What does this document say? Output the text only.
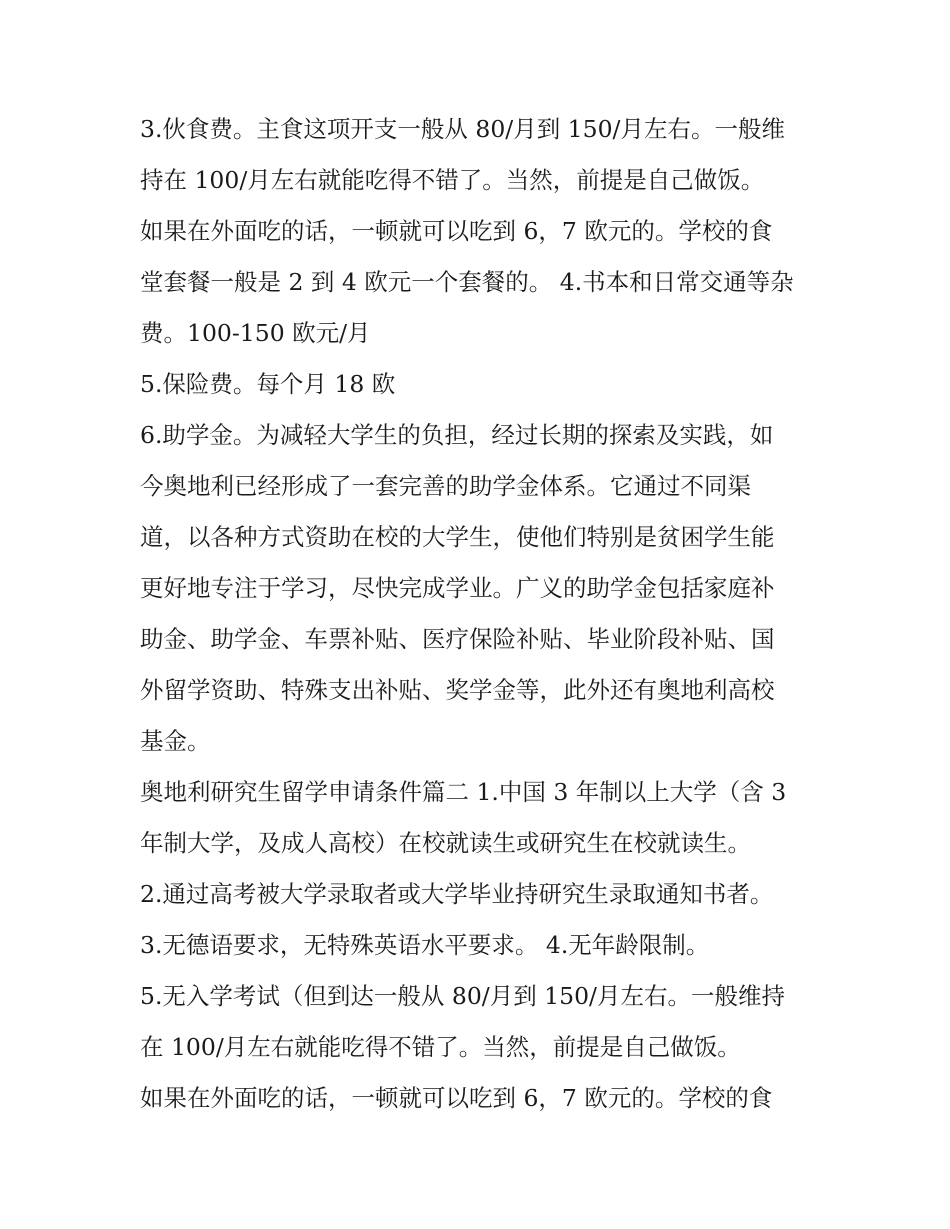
3.伙食费。主食这项开支一般从 80/月到 150/月左右。一般维
持在 100/月左右就能吃得不错了。当然，前提是自己做饭。
如果在外面吃的话，一顿就可以吃到 6，7 欧元的。学校的食
堂套餐一般是 2 到 4 欧元一个套餐的。 4.书本和日常交通等杂
费。100-150 欧元/月
5.保险费。每个月 18 欧
6.助学金。为减轻大学生的负担，经过长期的探索及实践，如
今奥地利已经形成了一套完善的助学金体系。它通过不同渠
道，以各种方式资助在校的大学生，使他们特别是贫困学生能
更好地专注于学习，尽快完成学业。广义的助学金包括家庭补
助金、助学金、车票补贴、医疗保险补贴、毕业阶段补贴、国
外留学资助、特殊支出补贴、奖学金等，此外还有奥地利高校
基金。
奥地利研究生留学申请条件篇二 1.中国 3 年制以上大学（含 3
年制大学，及成人高校）在校就读生或研究生在校就读生。
2.通过高考被大学录取者或大学毕业持研究生录取通知书者。
3.无德语要求，无特殊英语水平要求。 4.无年龄限制。
5.无入学考试（但到达一般从 80/月到 150/月左右。一般维持
在 100/月左右就能吃得不错了。当然，前提是自己做饭。
如果在外面吃的话，一顿就可以吃到 6，7 欧元的。学校的食
